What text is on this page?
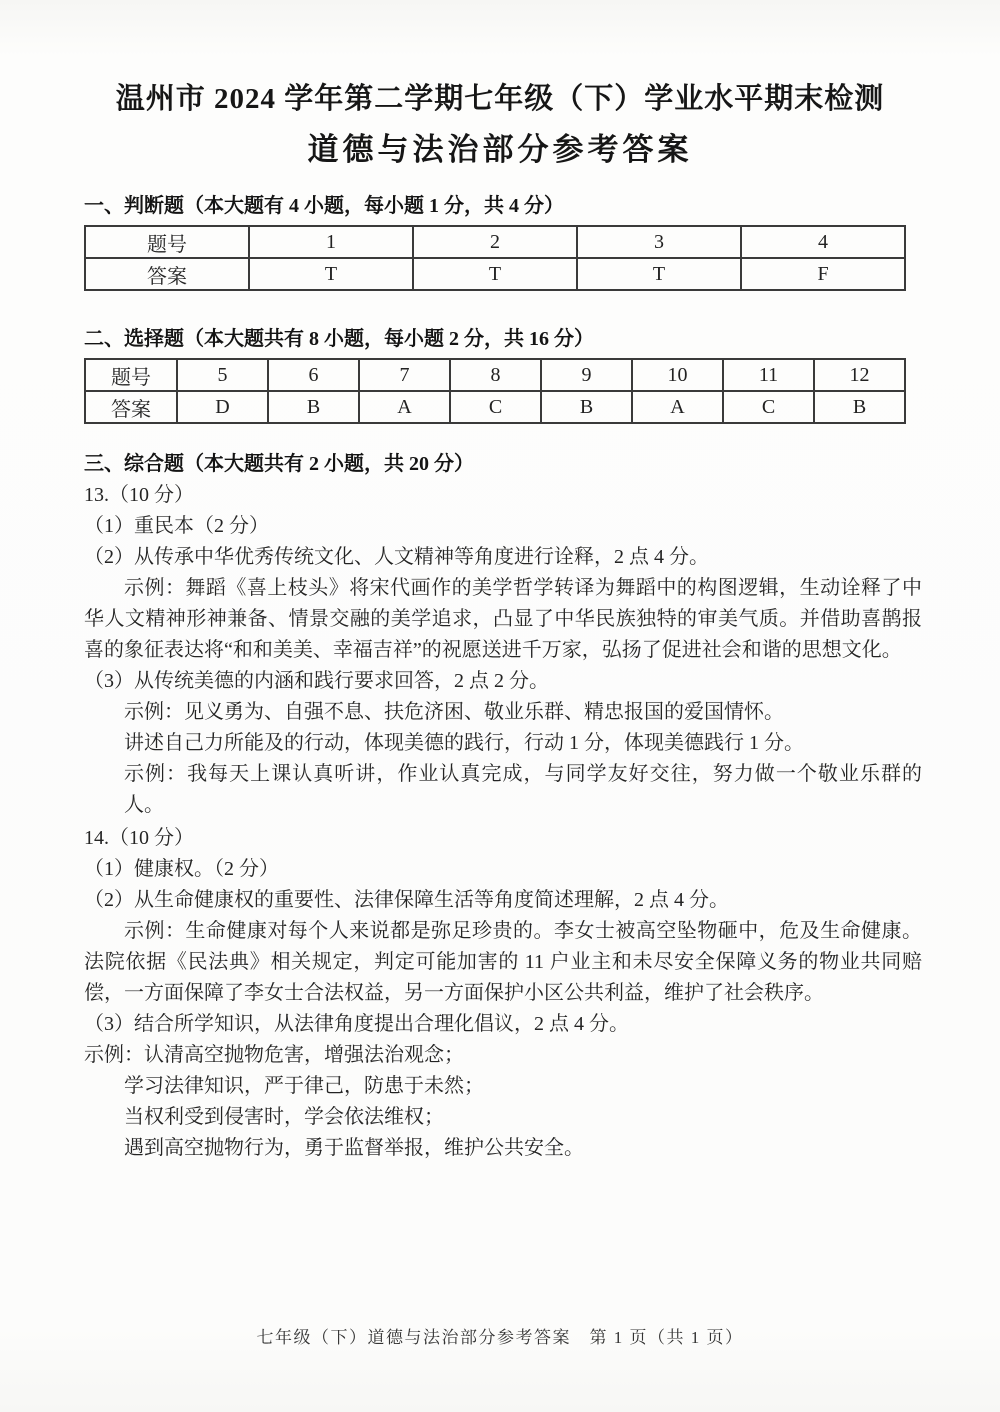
温州市 2024 学年第二学期七年级（下）学业水平期末检测
道德与法治部分参考答案
一、判断题（本大题有 4 小题，每小题 1 分，共 4 分）
题号	1	2	3	4
答案	T	T	T	F
二、选择题（本大题共有 8 小题，每小题 2 分，共 16 分）
题号	5	6	7	8	9	10	11	12
答案	D	B	A	C	B	A	C	B
三、综合题（本大题共有 2 小题，共 20 分）

13.（10 分）

（1）重民本（2 分）

（2）从传承中华优秀传统文化、人文精神等角度进行诠释，2 点 4 分。

示例：舞蹈《喜上枝头》将宋代画作的美学哲学转译为舞蹈中的构图逻辑，生动诠释了中华人文精神形神兼备、情景交融的美学追求，凸显了中华民族独特的审美气质。并借助喜鹊报喜的象征表达将“和和美美、幸福吉祥”的祝愿送进千万家，弘扬了促进社会和谐的思想文化。

（3）从传统美德的内涵和践行要求回答，2 点 2 分。

示例：见义勇为、自强不息、扶危济困、敬业乐群、精忠报国的爱国情怀。

讲述自己力所能及的行动，体现美德的践行，行动 1 分，体现美德践行 1 分。

示例：我每天上课认真听讲，作业认真完成，与同学友好交往，努力做一个敬业乐群的人。

14.（10 分）

（1）健康权。（2 分）

（2）从生命健康权的重要性、法律保障生活等角度简述理解，2 点 4 分。

示例：生命健康对每个人来说都是弥足珍贵的。李女士被高空坠物砸中，危及生命健康。法院依据《民法典》相关规定，判定可能加害的 11 户业主和未尽安全保障义务的物业共同赔偿，一方面保障了李女士合法权益，另一方面保护小区公共利益，维护了社会秩序。

（3）结合所学知识，从法律角度提出合理化倡议，2 点 4 分。

示例：认清高空抛物危害，增强法治观念；

学习法律知识，严于律己，防患于未然；

当权利受到侵害时，学会依法维权；

遇到高空抛物行为，勇于监督举报，维护公共安全。

七年级（下）道德与法治部分参考答案　第 1 页（共 1 页）
